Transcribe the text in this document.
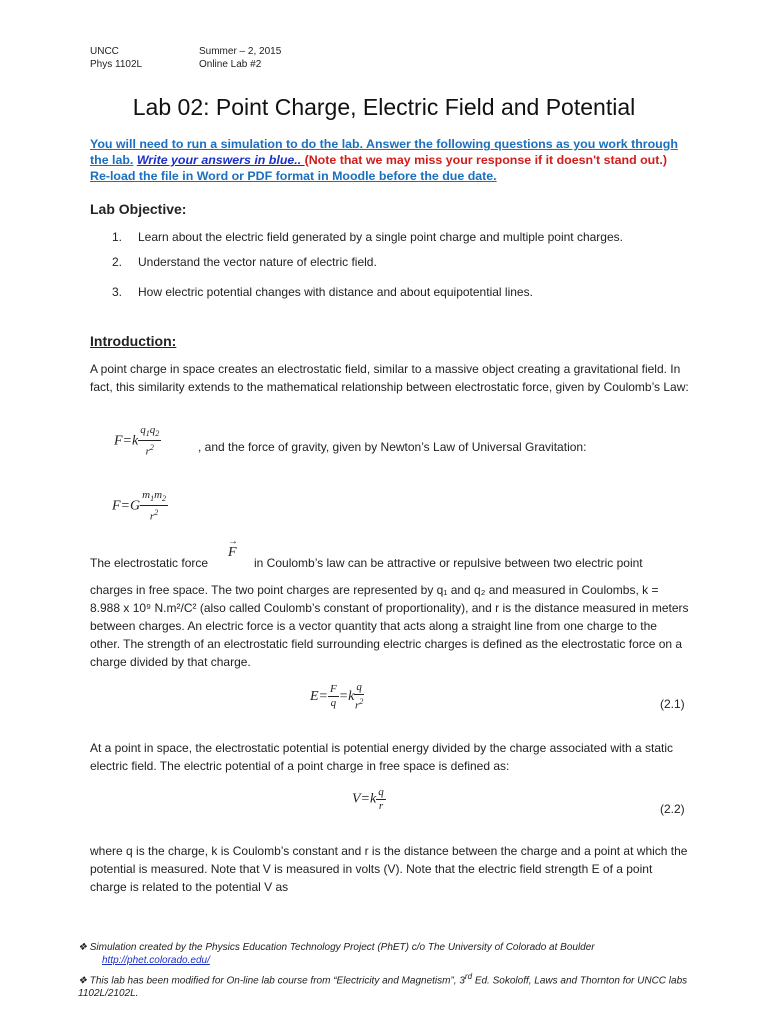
UNCC
Phys 1102L
Summer – 2, 2015
Online Lab #2
Lab 02: Point Charge, Electric Field and Potential
You will need to run a simulation to do the lab. Answer the following questions as you work through the lab. Write your answers in blue.. (Note that we may miss your response if it doesn't stand out.)
Re-load the file in Word or PDF format in Moodle before the due date.
Lab Objective:
1. Learn about the electric field generated by a single point charge and multiple point charges.
2. Understand the vector nature of electric field.
3. How electric potential changes with distance and about equipotential lines.
Introduction:
A point charge in space creates an electrostatic field, similar to a massive object creating a gravitational field. In fact, this similarity extends to the mathematical relationship between electrostatic force, given by Coulomb’s Law:
$F=k \frac{q_1q_2}{r^2}$	, and the force of gravity, given by Newton’s Law of Universal Gravitation:
$F=G \frac{m_1m_2}{r^2}$
The electrostatic force
F
→
in Coulomb’s law can be attractive or repulsive between two electric point
charges in free space. The two point charges are represented by q₁ and q₂ and measured in Coulombs, k = 8.988 x 10⁹ N.m²/C² (also called Coulomb’s constant of proportionality), and r is the distance measured in meters between charges. An electric force is a vector quantity that acts along a straight line from one charge to the other. The strength of an electrostatic field surrounding electric charges is defined as the electrostatic force on a charge divided by that charge.
$E= \frac{F}{q} =k \frac{q}{r^2}$	(2.1)
At a point in space, the electrostatic potential is potential energy divided by the charge associated with a static electric field. The electric potential of a point charge in free space is defined as:
$V=k \frac{q}{r}$	(2.2)
where q is the charge, k is Coulomb’s constant and r is the distance between the charge and a point at which the potential is measured. Note that V is measured in volts (V). Note that the electric field strength E of a point charge is related to the potential V as
❖ Simulation created by the Physics Education Technology Project (PhET) c/o The University of Colorado at Boulder
http://phet.colorado.edu/
❖ This lab has been modified for On-line lab course from “Electricity and Magnetism”, 3rd Ed. Sokoloff, Laws and Thornton for UNCC labs 1102L/2102L.
